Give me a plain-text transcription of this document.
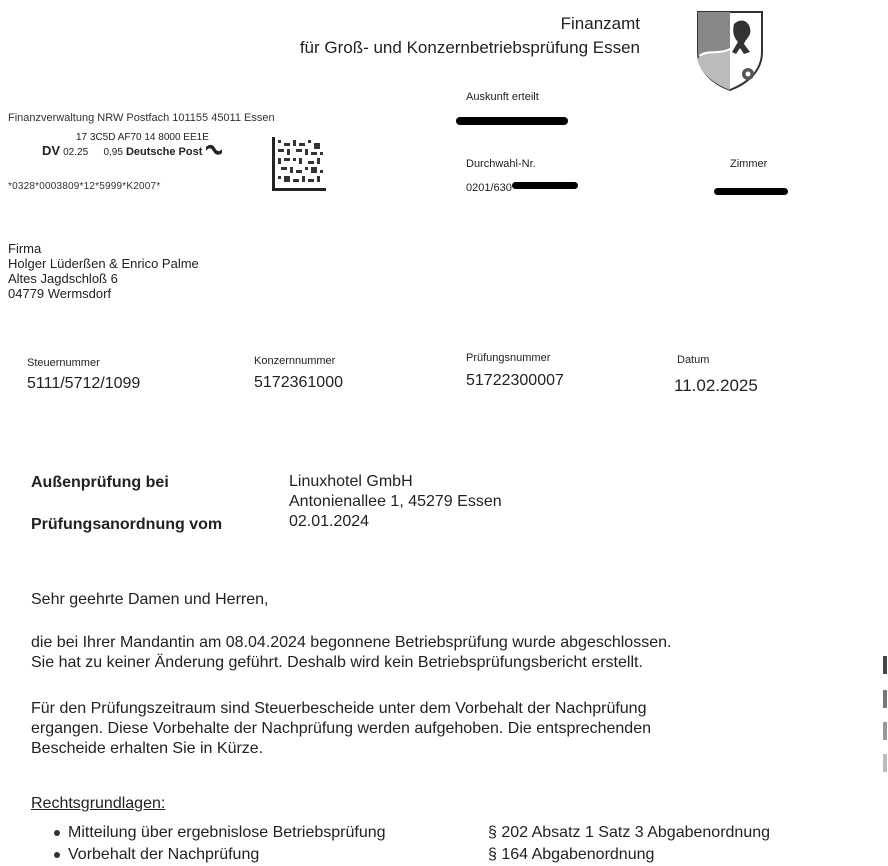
Finanzamt
für Groß- und Konzernbetriebsprüfung Essen
Auskunft erteilt
Durchwahl-Nr.
0201/630
Zimmer
Finanzverwaltung NRW Postfach 101155 45011 Essen
17 3C5D AF70 14 8000 EE1E
DV 02.25 0,95 Deutsche Post
*0328*0003809*12*5999*K2007*
Firma
Holger Lüderßen & Enrico Palme
Altes Jagdschloß 6
04779 Wermsdorf
Steuernummer
5111/5712/1099
Konzernnummer
5172361000
Prüfungsnummer
51722300007
Datum
11.02.2025
Außenprüfung bei	Linuxhotel GmbH
Antonienallee 1, 45279 Essen
02.01.2024
Prüfungsanordnung vom
Sehr geehrte Damen und Herren,
die bei Ihrer Mandantin am 08.04.2024 begonnene Betriebsprüfung wurde abgeschlossen.
Sie hat zu keiner Änderung geführt. Deshalb wird kein Betriebsprüfungsbericht erstellt.
Für den Prüfungszeitraum sind Steuerbescheide unter dem Vorbehalt der Nachprüfung
ergangen. Diese Vorbehalte der Nachprüfung werden aufgehoben. Die entsprechenden
Bescheide erhalten Sie in Kürze.
Rechtsgrundlagen:
Mitteilung über ergebnislose Betriebsprüfung
Vorbehalt der Nachprüfung
§ 202 Absatz 1 Satz 3 Abgabenordnung
§ 164 Abgabenordnung
